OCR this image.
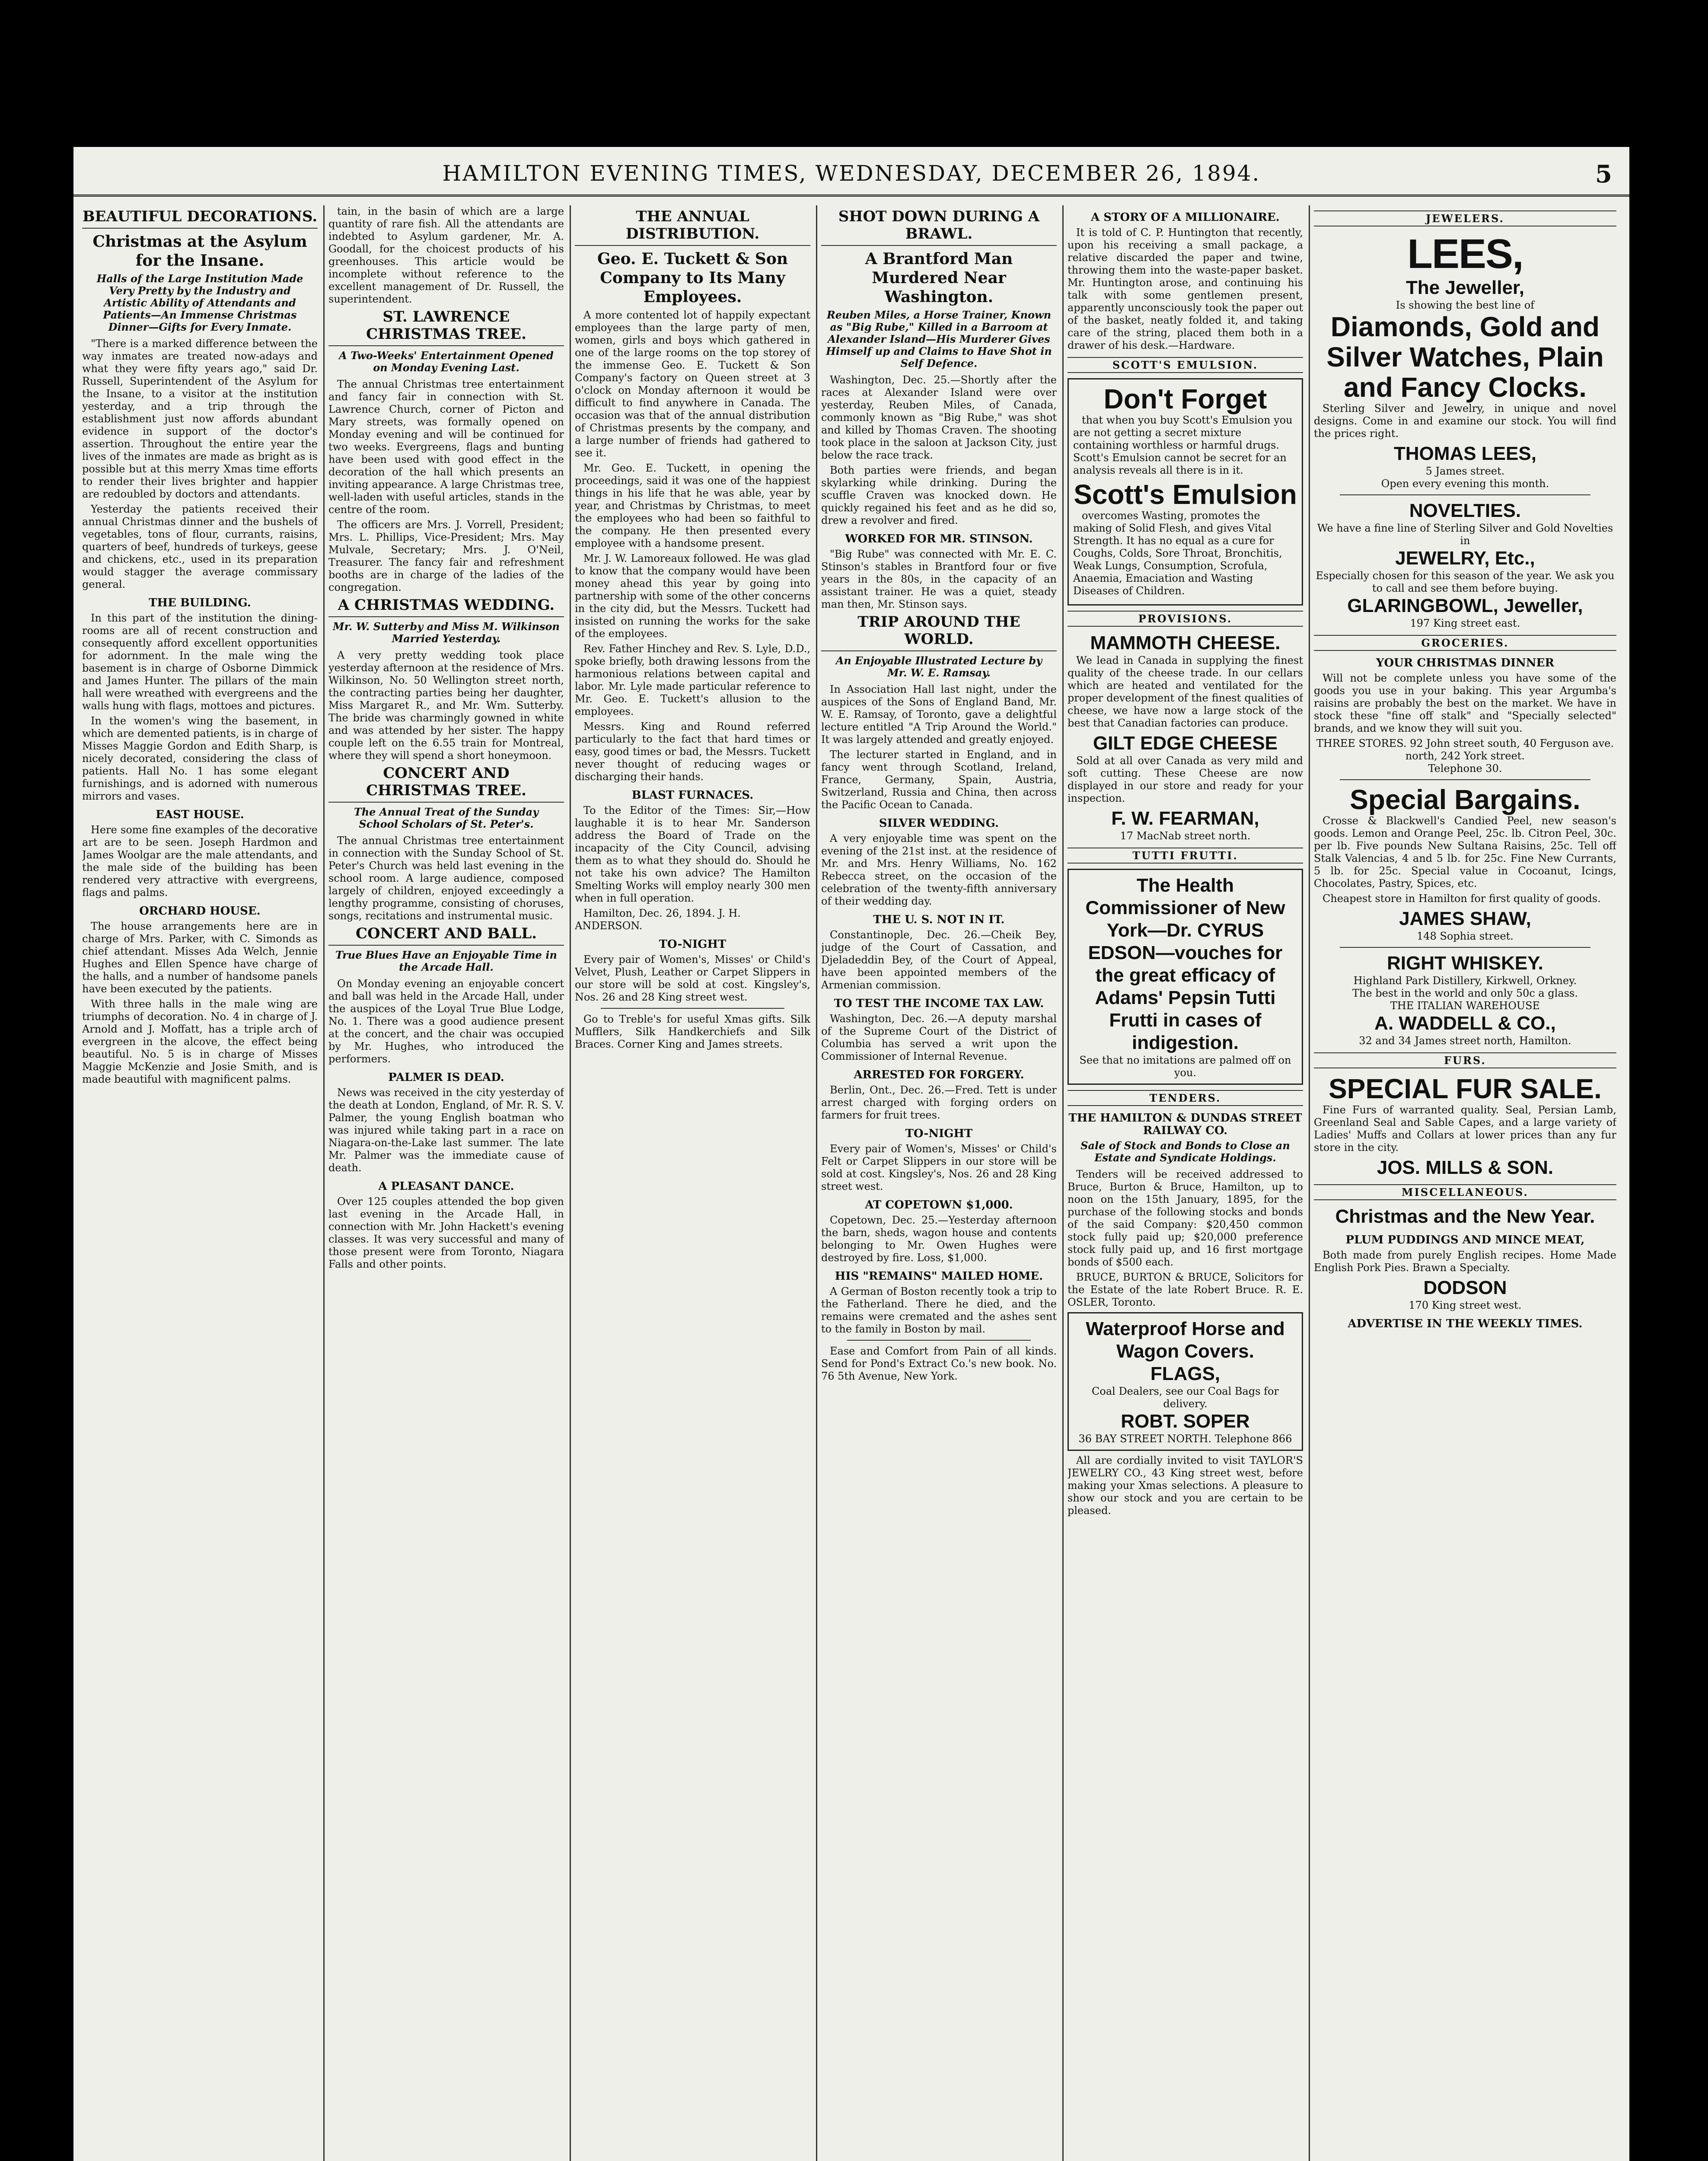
HAMILTON EVENING TIMES, WEDNESDAY, DECEMBER 26, 1894.	5
BEAUTIFUL DECORATIONS.
Christmas at the Asylum for the Insane.
Halls of the Large Institution Made Very Pretty by the Industry and Artistic Ability of Attendants and Patients—An Immense Christmas Dinner—Gifts for Every Inmate.

"There is a marked difference between the way inmates are treated now-adays and what they were fifty years ago," said Dr. Russell, Superintendent of the Asylum for the Insane, to a visitor at the institution yesterday, and a trip through the establishment just now affords abundant evidence in support of the doctor's assertion. Throughout the entire year the lives of the inmates are made as bright as is possible but at this merry Xmas time efforts to render their lives brighter and happier are redoubled by doctors and attendants.

Yesterday the patients received their annual Christmas dinner and the bushels of vegetables, tons of flour, currants, raisins, quarters of beef, hundreds of turkeys, geese and chickens, etc., used in its preparation would stagger the average commissary general.

THE BUILDING.

In this part of the institution the dining-rooms are all of recent construction and consequently afford excellent opportunities for adornment. In the male wing the basement is in charge of Osborne Dimmick and James Hunter. The pillars of the main hall were wreathed with evergreens and the walls hung with flags, mottoes and pictures.

In the women's wing the basement, in which are demented patients, is in charge of Misses Maggie Gordon and Edith Sharp, is nicely decorated, considering the class of patients. Hall No. 1 has some elegant furnishings, and is adorned with numerous mirrors and vases.

EAST HOUSE.

Here some fine examples of the decorative art are to be seen. Joseph Hardmon and James Woolgar are the male attendants, and the male side of the building has been rendered very attractive with evergreens, flags and palms.

ORCHARD HOUSE.

The house arrangements here are in charge of Mrs. Parker, with C. Simonds as chief attendant. Misses Ada Welch, Jennie Hughes and Ellen Spence have charge of the halls, and a number of handsome panels have been executed by the patients.

With three halls in the male wing are triumphs of decoration. No. 4 in charge of J. Arnold and J. Moffatt, has a triple arch of evergreen in the alcove, the effect being beautiful. No. 5 is in charge of Misses Maggie McKenzie and Josie Smith, and is made beautiful with magnificent palms.

tain, in the basin of which are a large quantity of rare fish. All the attendants are indebted to Asylum gardener, Mr. A. Goodall, for the choicest products of his greenhouses. This article would be incomplete without reference to the excellent management of Dr. Russell, the superintendent.

ST. LAWRENCE CHRISTMAS TREE.
A Two-Weeks' Entertainment Opened on Monday Evening Last.

The annual Christmas tree entertainment and fancy fair in connection with St. Lawrence Church, corner of Picton and Mary streets, was formally opened on Monday evening and will be continued for two weeks. Evergreens, flags and bunting have been used with good effect in the decoration of the hall which presents an inviting appearance. A large Christmas tree, well-laden with useful articles, stands in the centre of the room.

The officers are Mrs. J. Vorrell, President; Mrs. L. Phillips, Vice-President; Mrs. May Mulvale, Secretary; Mrs. J. O'Neil, Treasurer. The fancy fair and refreshment booths are in charge of the ladies of the congregation.

A CHRISTMAS WEDDING.
Mr. W. Sutterby and Miss M. Wilkinson Married Yesterday.

A very pretty wedding took place yesterday afternoon at the residence of Mrs. Wilkinson, No. 50 Wellington street north, the contracting parties being her daughter, Miss Margaret R., and Mr. Wm. Sutterby. The bride was charmingly gowned in white and was attended by her sister. The happy couple left on the 6.55 train for Montreal, where they will spend a short honeymoon.

CONCERT AND CHRISTMAS TREE.
The Annual Treat of the Sunday School Scholars of St. Peter's.

The annual Christmas tree entertainment in connection with the Sunday School of St. Peter's Church was held last evening in the school room. A large audience, composed largely of children, enjoyed exceedingly a lengthy programme, consisting of choruses, songs, recitations and instrumental music.

CONCERT AND BALL.
True Blues Have an Enjoyable Time in the Arcade Hall.

On Monday evening an enjoyable concert and ball was held in the Arcade Hall, under the auspices of the Loyal True Blue Lodge, No. 1. There was a good audience present at the concert, and the chair was occupied by Mr. Hughes, who introduced the performers.

PALMER IS DEAD.

News was received in the city yesterday of the death at London, England, of Mr. R. S. V. Palmer, the young English boatman who was injured while taking part in a race on Niagara-on-the-Lake last summer. The late Mr. Palmer was the immediate cause of death.

A PLEASANT DANCE.

Over 125 couples attended the bop given last evening in the Arcade Hall, in connection with Mr. John Hackett's evening classes. It was very successful and many of those present were from Toronto, Niagara Falls and other points.

THE ANNUAL DISTRIBUTION.
Geo. E. Tuckett & Son Company to Its Many Employees.

A more contented lot of happily expectant employees than the large party of men, women, girls and boys which gathered in one of the large rooms on the top storey of the immense Geo. E. Tuckett & Son Company's factory on Queen street at 3 o'clock on Monday afternoon it would be difficult to find anywhere in Canada. The occasion was that of the annual distribution of Christmas presents by the company, and a large number of friends had gathered to see it.

Mr. Geo. E. Tuckett, in opening the proceedings, said it was one of the happiest things in his life that he was able, year by year, and Christmas by Christmas, to meet the employees who had been so faithful to the company. He then presented every employee with a handsome present.

Mr. J. W. Lamoreaux followed. He was glad to know that the company would have been money ahead this year by going into partnership with some of the other concerns in the city did, but the Messrs. Tuckett had insisted on running the works for the sake of the employees.

Rev. Father Hinchey and Rev. S. Lyle, D.D., spoke briefly, both drawing lessons from the harmonious relations between capital and labor. Mr. Lyle made particular reference to Mr. Geo. E. Tuckett's allusion to the employees.

Messrs. King and Round referred particularly to the fact that hard times or easy, good times or bad, the Messrs. Tuckett never thought of reducing wages or discharging their hands.

BLAST FURNACES.

To the Editor of the Times: Sir,—How laughable it is to hear Mr. Sanderson address the Board of Trade on the incapacity of the City Council, advising them as to what they should do. Should he not take his own advice? The Hamilton Smelting Works will employ nearly 300 men when in full operation.

Hamilton, Dec. 26, 1894. J. H. ANDERSON.

TO-NIGHT

Every pair of Women's, Misses' or Child's Velvet, Plush, Leather or Carpet Slippers in our store will be sold at cost. Kingsley's, Nos. 26 and 28 King street west.

Go to Treble's for useful Xmas gifts. Silk Mufflers, Silk Handkerchiefs and Silk Braces. Corner King and James streets.

SHOT DOWN DURING A BRAWL.
A Brantford Man Murdered Near Washington.
Reuben Miles, a Horse Trainer, Known as "Big Rube," Killed in a Barroom at Alexander Island—His Murderer Gives Himself up and Claims to Have Shot in Self Defence.

Washington, Dec. 25.—Shortly after the races at Alexander Island were over yesterday, Reuben Miles, of Canada, commonly known as "Big Rube," was shot and killed by Thomas Craven. The shooting took place in the saloon at Jackson City, just below the race track.

Both parties were friends, and began skylarking while drinking. During the scuffle Craven was knocked down. He quickly regained his feet and as he did so, drew a revolver and fired.

WORKED FOR MR. STINSON.

"Big Rube" was connected with Mr. E. C. Stinson's stables in Brantford four or five years in the 80s, in the capacity of an assistant trainer. He was a quiet, steady man then, Mr. Stinson says.

TRIP AROUND THE WORLD.
An Enjoyable Illustrated Lecture by Mr. W. E. Ramsay.

In Association Hall last night, under the auspices of the Sons of England Band, Mr. W. E. Ramsay, of Toronto, gave a delightful lecture entitled "A Trip Around the World." It was largely attended and greatly enjoyed.

The lecturer started in England, and in fancy went through Scotland, Ireland, France, Germany, Spain, Austria, Switzerland, Russia and China, then across the Pacific Ocean to Canada.

SILVER WEDDING.

A very enjoyable time was spent on the evening of the 21st inst. at the residence of Mr. and Mrs. Henry Williams, No. 162 Rebecca street, on the occasion of the celebration of the twenty-fifth anniversary of their wedding day.

THE U. S. NOT IN IT.

Constantinople, Dec. 26.—Cheik Bey, judge of the Court of Cassation, and Djeladeddin Bey, of the Court of Appeal, have been appointed members of the Armenian commission.

TO TEST THE INCOME TAX LAW.

Washington, Dec. 26.—A deputy marshal of the Supreme Court of the District of Columbia has served a writ upon the Commissioner of Internal Revenue.

ARRESTED FOR FORGERY.

Berlin, Ont., Dec. 26.—Fred. Tett is under arrest charged with forging orders on farmers for fruit trees.

TO-NIGHT

Every pair of Women's, Misses' or Child's Felt or Carpet Slippers in our store will be sold at cost. Kingsley's, Nos. 26 and 28 King street west.

AT COPETOWN $1,000.

Copetown, Dec. 25.—Yesterday afternoon the barn, sheds, wagon house and contents belonging to Mr. Owen Hughes were destroyed by fire. Loss, $1,000.

HIS "REMAINS" MAILED HOME.

A German of Boston recently took a trip to the Fatherland. There he died, and the remains were cremated and the ashes sent to the family in Boston by mail.

Ease and Comfort from Pain of all kinds. Send for Pond's Extract Co.'s new book. No. 76 5th Avenue, New York.

A STORY OF A MILLIONAIRE.

It is told of C. P. Huntington that recently, upon his receiving a small package, a relative discarded the paper and twine, throwing them into the waste-paper basket. Mr. Huntington arose, and continuing his talk with some gentlemen present, apparently unconsciously took the paper out of the basket, neatly folded it, and taking care of the string, placed them both in a drawer of his desk.—Hardware.

SCOTT'S EMULSION.
Don't Forget

that when you buy Scott's Emulsion you are not getting a secret mixture containing worthless or harmful drugs. Scott's Emulsion cannot be secret for an analysis reveals all there is in it.

Scott's Emulsion

overcomes Wasting, promotes the making of Solid Flesh, and gives Vital Strength. It has no equal as a cure for Coughs, Colds, Sore Throat, Bronchitis, Weak Lungs, Consumption, Scrofula, Anaemia, Emaciation and Wasting Diseases of Children.

PROVISIONS.
MAMMOTH CHEESE.

We lead in Canada in supplying the finest quality of the cheese trade. In our cellars which are heated and ventilated for the proper development of the finest qualities of cheese, we have now a large stock of the best that Canadian factories can produce.

GILT EDGE CHEESE

Sold at all over Canada as very mild and soft cutting. These Cheese are now displayed in our store and ready for your inspection.

F. W. FEARMAN,
17 MacNab street north.
TUTTI FRUTTI.
The Health Commissioner of New York—Dr. CYRUS EDSON—vouches for the great efficacy of Adams' Pepsin Tutti Frutti in cases of indigestion.
See that no imitations are palmed off on you.
TENDERS.
THE HAMILTON & DUNDAS STREET RAILWAY CO.
Sale of Stock and Bonds to Close an Estate and Syndicate Holdings.

Tenders will be received addressed to Bruce, Burton & Bruce, Hamilton, up to noon on the 15th January, 1895, for the purchase of the following stocks and bonds of the said Company: $20,450 common stock fully paid up; $20,000 preference stock fully paid up, and 16 first mortgage bonds of $500 each.

BRUCE, BURTON & BRUCE, Solicitors for the Estate of the late Robert Bruce. R. E. OSLER, Toronto.

Waterproof Horse and Wagon Covers.
FLAGS,
Coal Dealers, see our Coal Bags for delivery.
ROBT. SOPER
36 BAY STREET NORTH. Telephone 866

All are cordially invited to visit TAYLOR'S JEWELRY CO., 43 King street west, before making your Xmas selections. A pleasure to show our stock and you are certain to be pleased.

JEWELERS.
LEES,
The Jeweller,
Is showing the best line of
Diamonds, Gold and Silver Watches, Plain and Fancy Clocks.

Sterling Silver and Jewelry, in unique and novel designs. Come in and examine our stock. You will find the prices right.

THOMAS LEES,
5 James street.
Open every evening this month.
NOVELTIES.
We have a fine line of Sterling Silver and Gold Novelties in
JEWELRY, Etc.,
Especially chosen for this season of the year. We ask you to call and see them before buying.
GLARINGBOWL, Jeweller,
197 King street east.
GROCERIES.
YOUR CHRISTMAS DINNER

Will not be complete unless you have some of the goods you use in your baking. This year Argumba's raisins are probably the best on the market. We have in stock these "fine off stalk" and "Specially selected" brands, and we know they will suit you.

THREE STORES. 92 John street south, 40 Ferguson ave. north, 242 York street.
Telephone 30.
Special Bargains.

Crosse & Blackwell's Candied Peel, new season's goods. Lemon and Orange Peel, 25c. lb. Citron Peel, 30c. per lb. Five pounds New Sultana Raisins, 25c. Tell off Stalk Valencias, 4 and 5 lb. for 25c. Fine New Currants, 5 lb. for 25c. Special value in Cocoanut, Icings, Chocolates, Pastry, Spices, etc.

Cheapest store in Hamilton for first quality of goods.

JAMES SHAW,
148 Sophia street.
RIGHT WHISKEY.
Highland Park Distillery, Kirkwell, Orkney.
The best in the world and only 50c a glass.
THE ITALIAN WAREHOUSE
A. WADDELL & CO.,
32 and 34 James street north, Hamilton.
FURS.
SPECIAL FUR SALE.

Fine Furs of warranted quality. Seal, Persian Lamb, Greenland Seal and Sable Capes, and a large variety of Ladies' Muffs and Collars at lower prices than any fur store in the city.

JOS. MILLS & SON.
MISCELLANEOUS.
Christmas and the New Year.
PLUM PUDDINGS AND MINCE MEAT,

Both made from purely English recipes. Home Made English Pork Pies. Brawn a Specialty.

DODSON
170 King street west.
ADVERTISE IN THE WEEKLY TIMES.
